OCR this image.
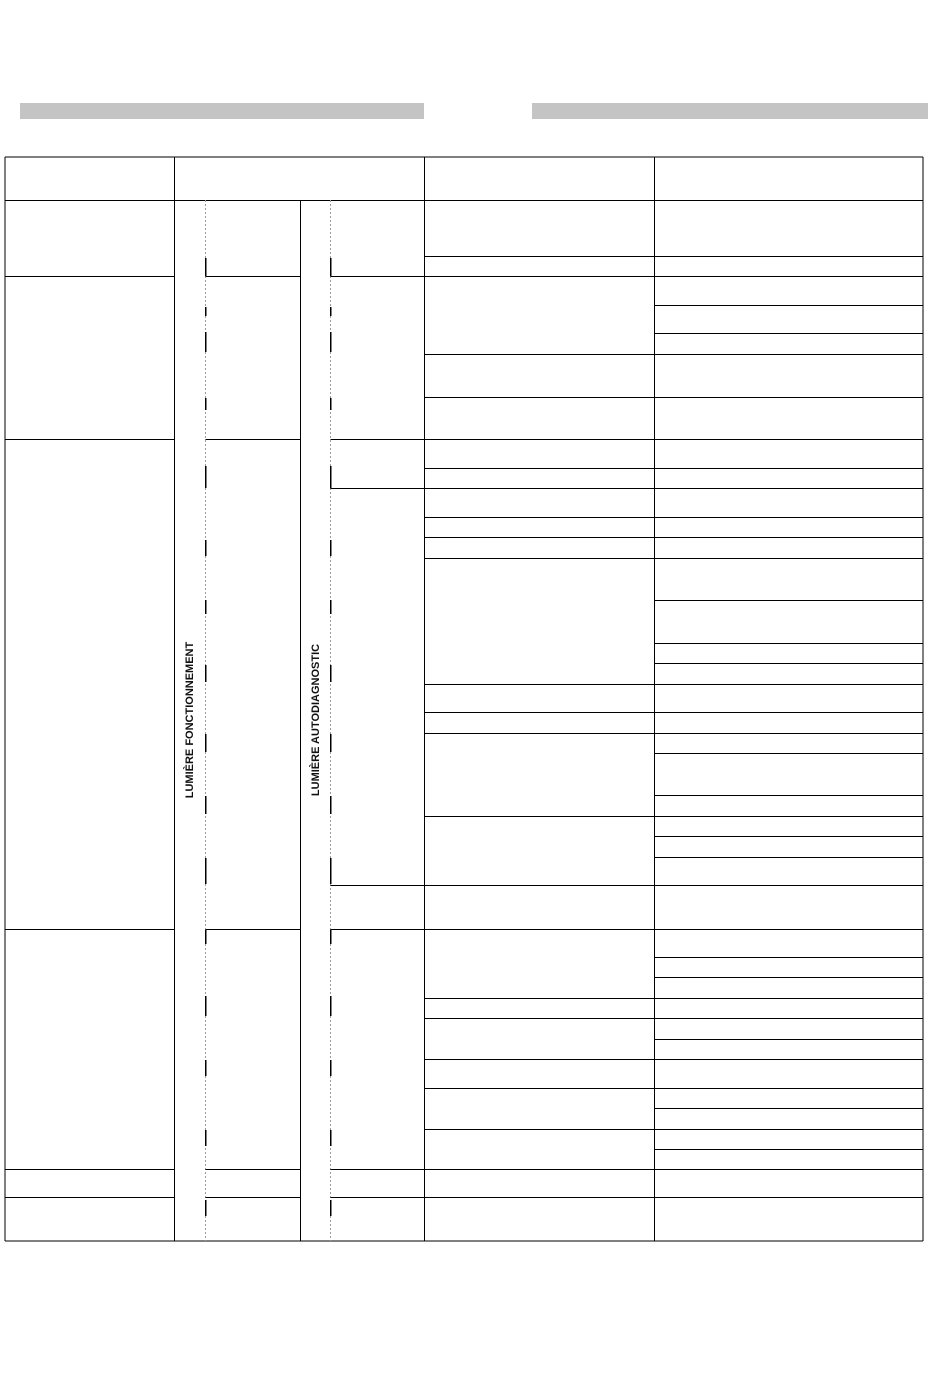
LUMIÈRE FONCTIONNEMENT	LUMIÈRE AUTODIAGNOSTIC
